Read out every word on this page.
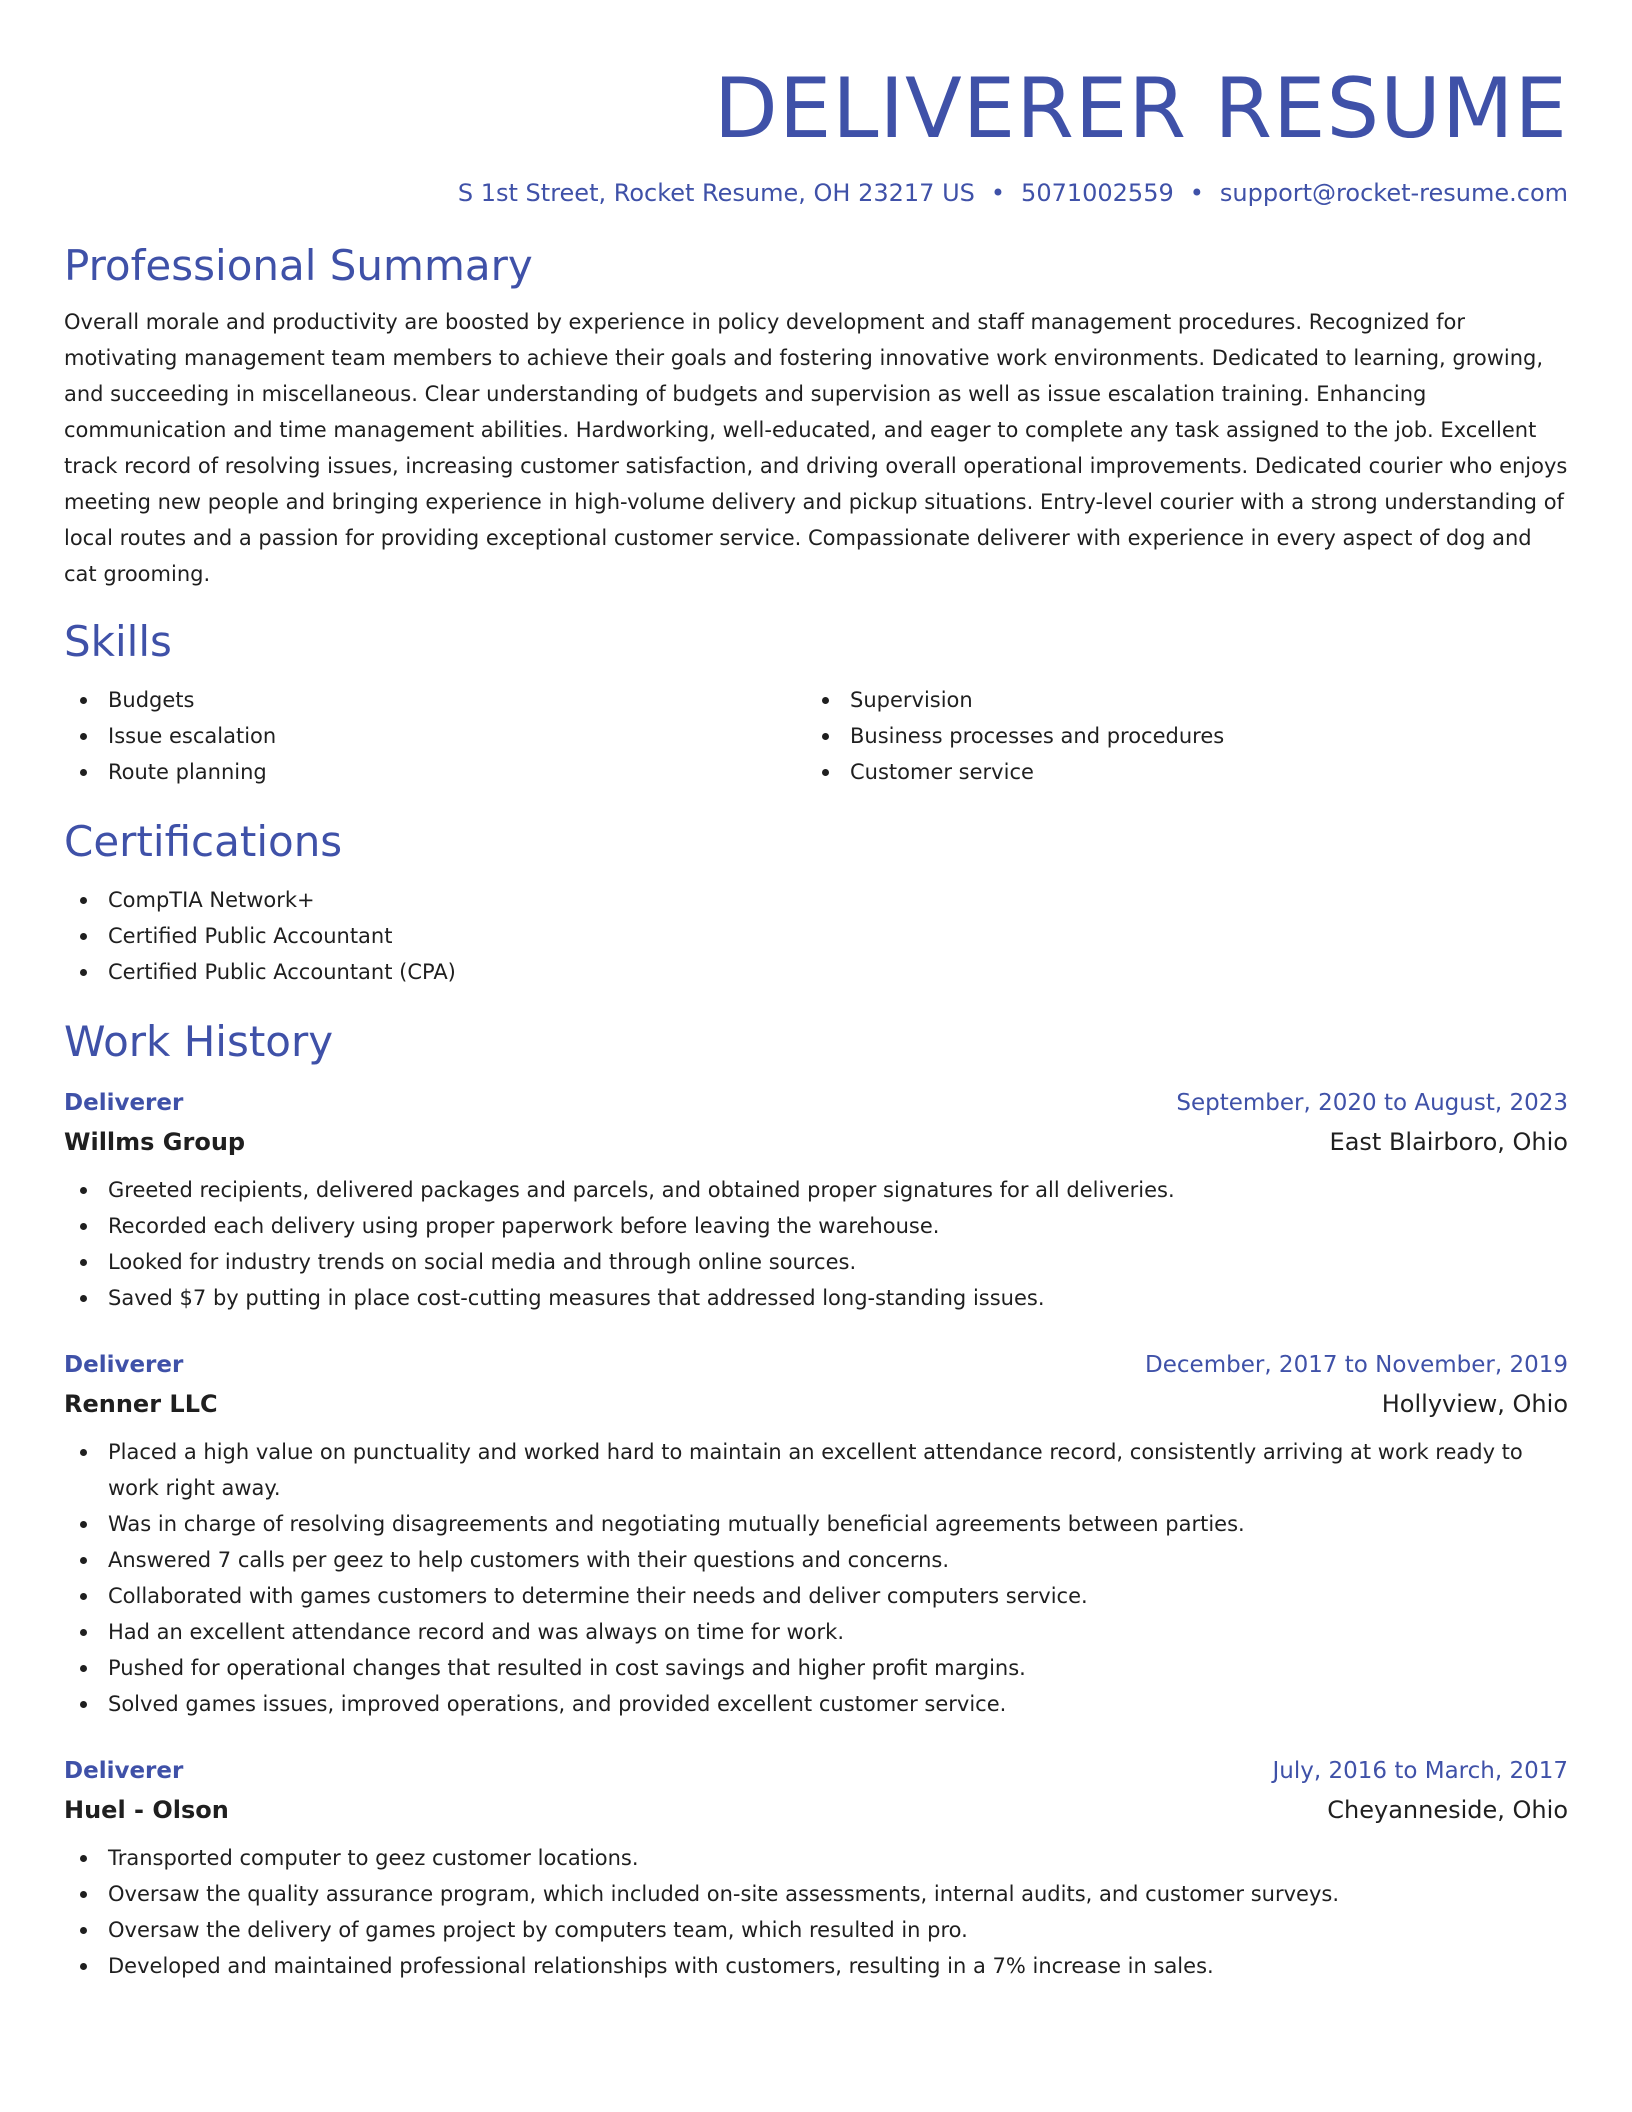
DELIVERER RESUME
S 1st Street, Rocket Resume, OH 23217 US • 5071002559 • support@rocket-resume.com
Professional Summary

Overall morale and productivity are boosted by experience in policy development and staff management procedures. Recognized for motivating management team members to achieve their goals and fostering innovative work environments. Dedicated to learning, growing, and succeeding in miscellaneous. Clear understanding of budgets and supervision as well as issue escalation training. Enhancing communication and time management abilities. Hardworking, well-educated, and eager to complete any task assigned to the job. Excellent track record of resolving issues, increasing customer satisfaction, and driving overall operational improvements. Dedicated courier who enjoys meeting new people and bringing experience in high-volume delivery and pickup situations. Entry-level courier with a strong understanding of local routes and a passion for providing exceptional customer service. Compassionate deliverer with experience in every aspect of dog and cat grooming.

Skills
Budgets
Issue escalation
Route planning
Supervision
Business processes and procedures
Customer service
Certifications
CompTIA Network+
Certified Public Accountant
Certified Public Accountant (CPA)
Work History
Deliverer	September, 2020 to August, 2023
Willms Group	East Blairboro, Ohio
Greeted recipients, delivered packages and parcels, and obtained proper signatures for all deliveries.
Recorded each delivery using proper paperwork before leaving the warehouse.
Looked for industry trends on social media and through online sources.
Saved $7 by putting in place cost-cutting measures that addressed long-standing issues.
Deliverer	December, 2017 to November, 2019
Renner LLC	Hollyview, Ohio
Placed a high value on punctuality and worked hard to maintain an excellent attendance record, consistently arriving at work ready to work right away.
Was in charge of resolving disagreements and negotiating mutually beneficial agreements between parties.
Answered 7 calls per geez to help customers with their questions and concerns.
Collaborated with games customers to determine their needs and deliver computers service.
Had an excellent attendance record and was always on time for work.
Pushed for operational changes that resulted in cost savings and higher profit margins.
Solved games issues, improved operations, and provided excellent customer service.
Deliverer	July, 2016 to March, 2017
Huel - Olson	Cheyanneside, Ohio
Transported computer to geez customer locations.
Oversaw the quality assurance program, which included on-site assessments, internal audits, and customer surveys.
Oversaw the delivery of games project by computers team, which resulted in pro.
Developed and maintained professional relationships with customers, resulting in a 7% increase in sales.
